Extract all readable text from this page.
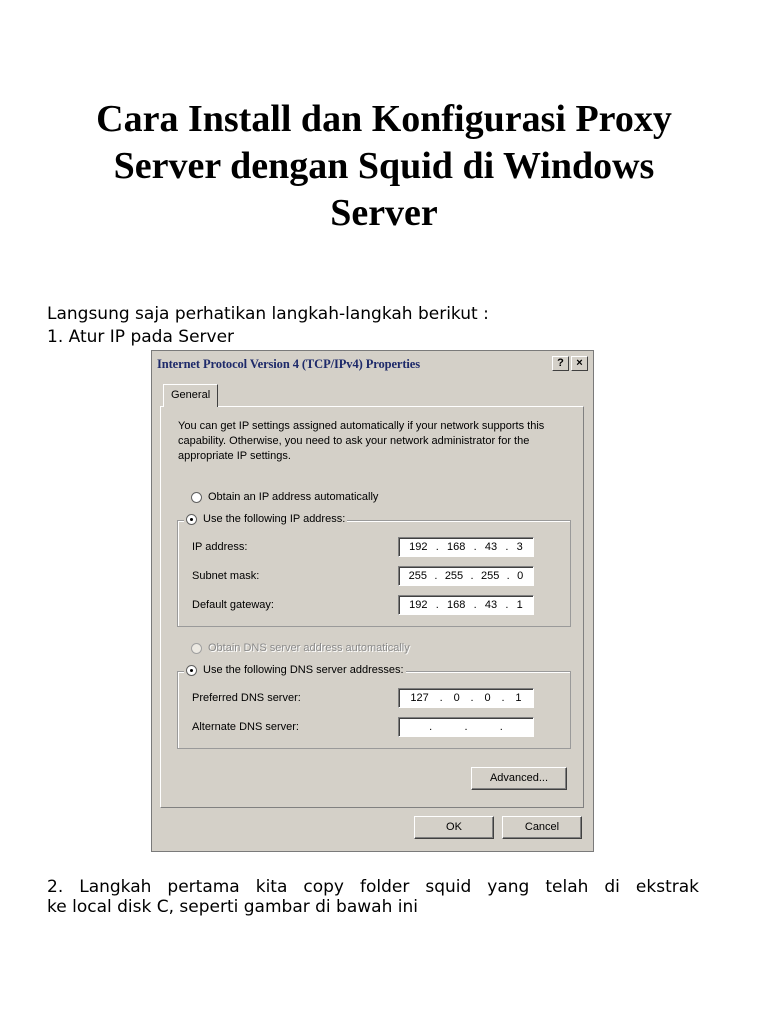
Cara Install dan Konfigurasi Proxy
Server dengan Squid di Windows
Server

Langsung saja perhatikan langkah-langkah berikut :

1. Atur IP pada Server

Internet Protocol Version 4 (TCP/IPv4) Properties	?	×
General
You can get IP settings assigned automatically if your network supports this capability. Otherwise, you need to ask your network administrator for the appropriate IP settings.
Obtain an IP address automatically
Use the following IP address:
IP address:	192 . 168 . 43 . 3
Subnet mask:	255 . 255 . 255 . 0
Default gateway:	192 . 168 . 43 . 1
Obtain DNS server address automatically
Use the following DNS server addresses:
Preferred DNS server:	127 . 0 . 0 . 1
Alternate DNS server:	.	.	.
Advanced...
OK	Cancel

2. Langkah pertama kita copy folder squid yang telah di ekstrak
ke local disk C, seperti gambar di bawah ini
